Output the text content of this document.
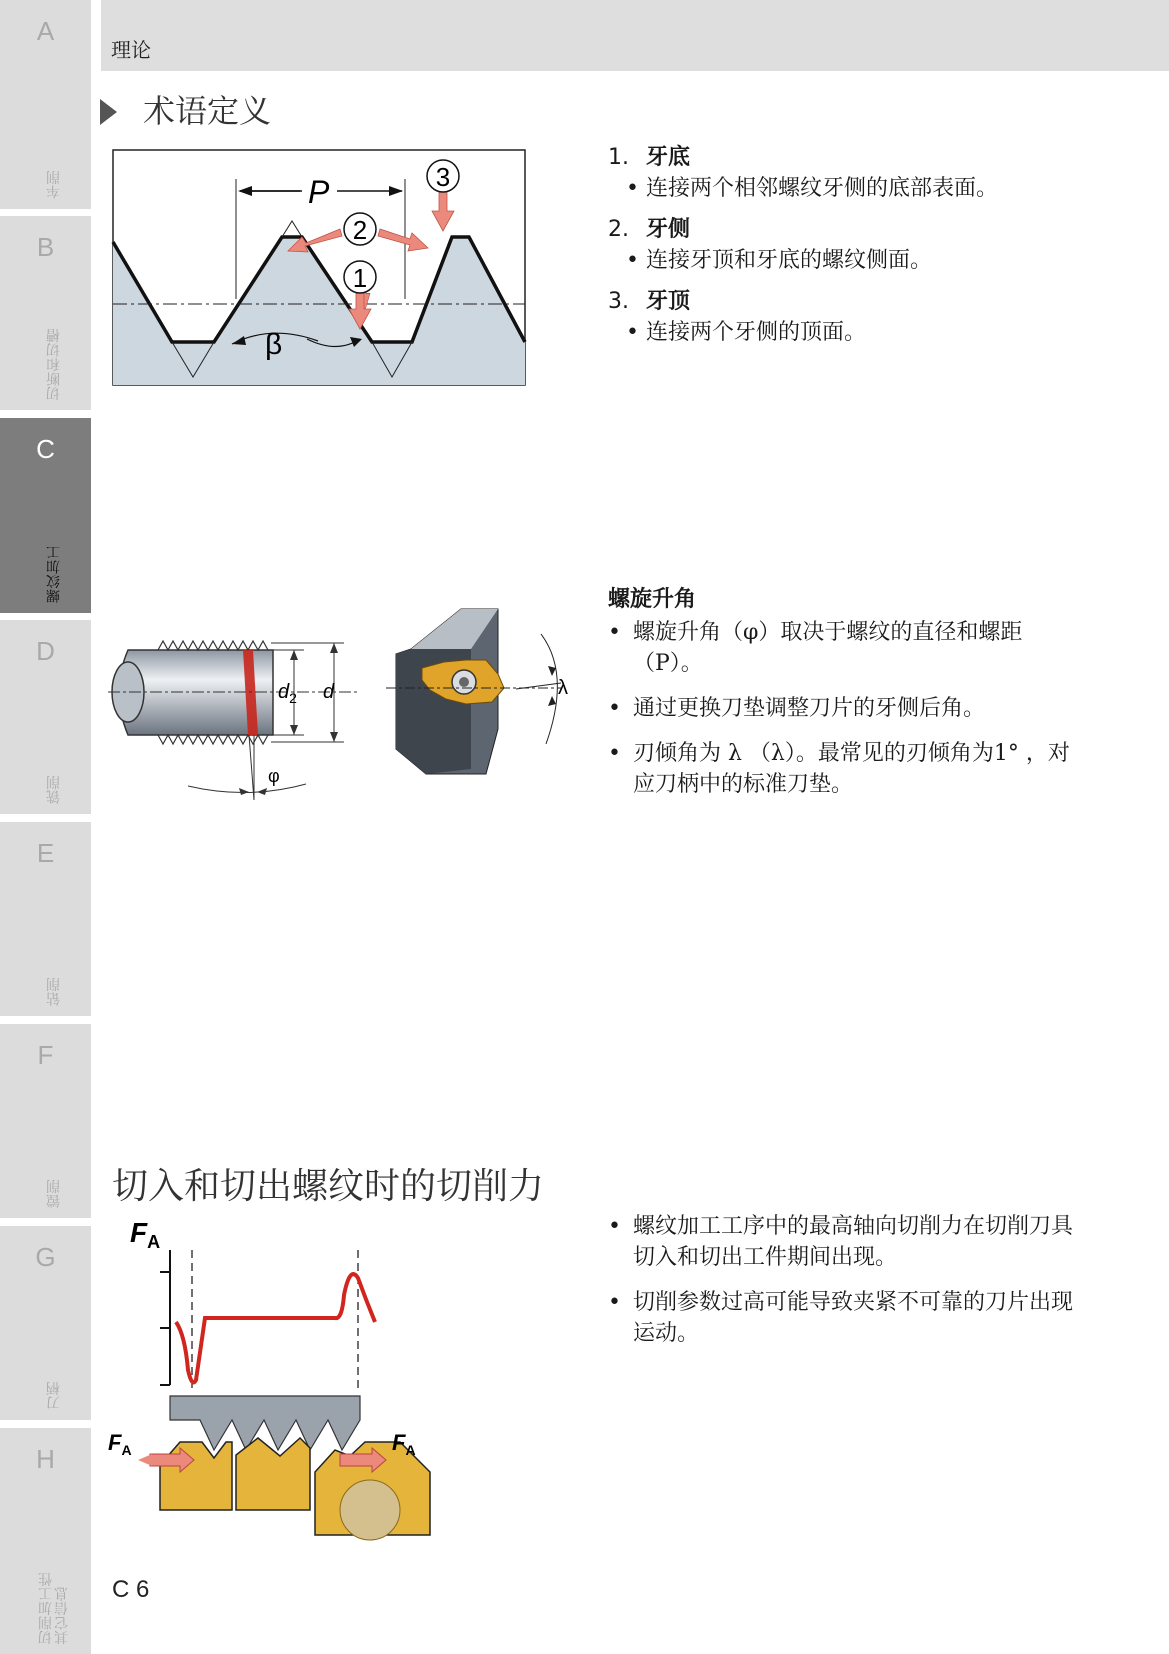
A
车削
B
切断和切槽
C
螺纹加工
D
铣削
E
钻削
F
镗削
G
刀柄
H
切削加工性
其它信息
理论
术语定义
P
β
3
2
1
1. 牙底
• 连接两个相邻螺纹牙侧的底部表面。
2. 牙侧
• 连接牙顶和牙底的螺纹侧面。
3. 牙顶
• 连接两个牙侧的顶面。
$d_2$ d
φ
λ
螺旋升角
• 螺旋升角（φ）取决于螺纹的直径和螺距（P）。
• 通过更换刀垫调整刀片的牙侧后角。
• 刃倾角为 λ （λ）。最常见的刃倾角为1° ，对应刀柄中的标准刀垫。
切入和切出螺纹时的切削力
$F_A$
$F_A$	$F_A$
• 螺纹加工工序中的最高轴向切削力在切削刀具切入和切出工件期间出现。
• 切削参数过高可能导致夹紧不可靠的刀片出现运动。
C 6
